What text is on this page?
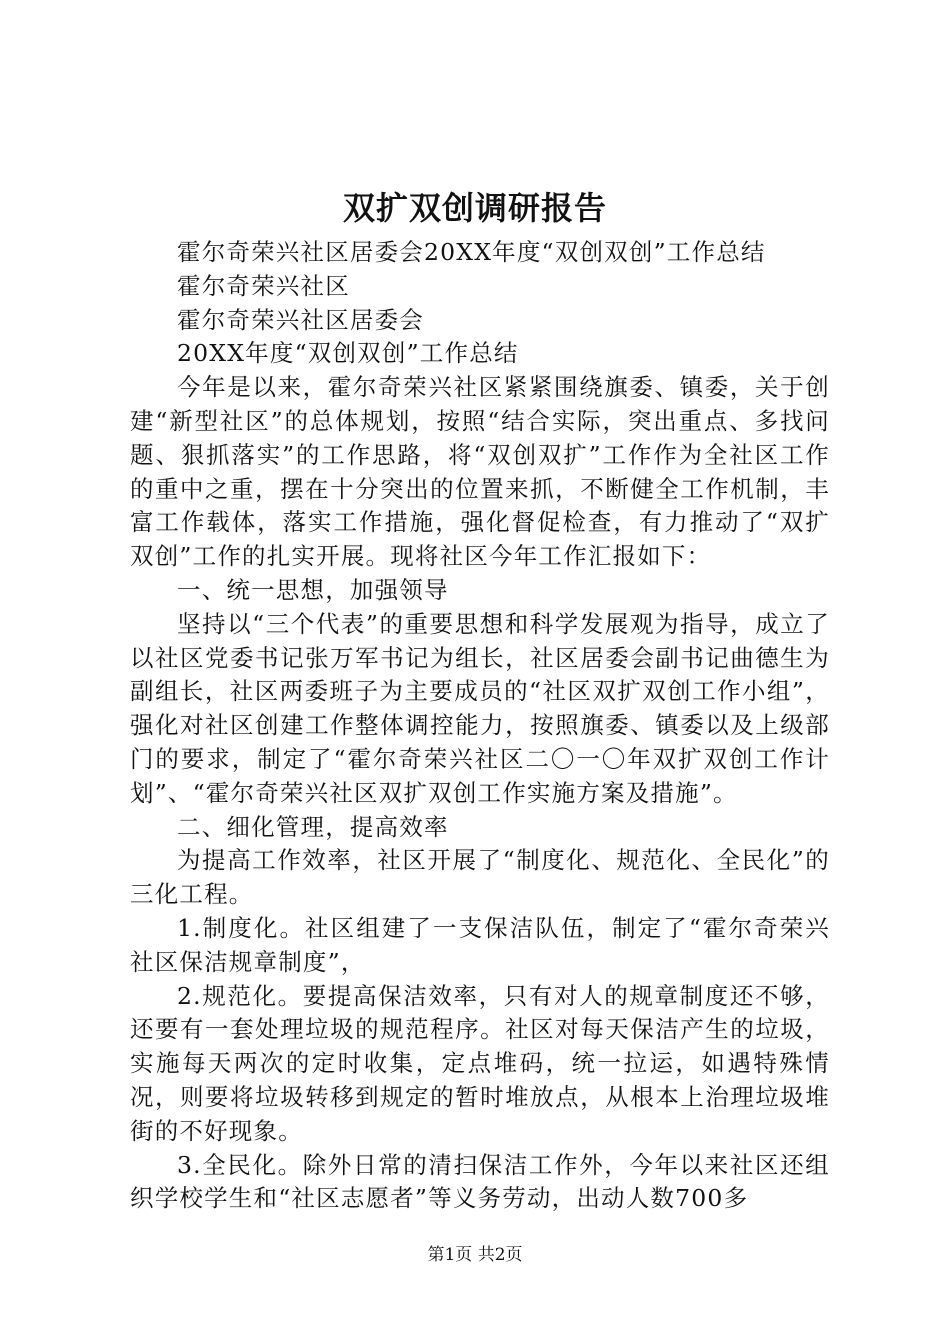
双扩双创调研报告

霍尔奇荣兴社区居委会20XX年度“双创双创”工作总结

霍尔奇荣兴社区

霍尔奇荣兴社区居委会

20XX年度“双创双创”工作总结

今年是以来，霍尔奇荣兴社区紧紧围绕旗委、镇委，关于创建“新型社区”的总体规划，按照“结合实际，突出重点、多找问题、狠抓落实”的工作思路，将“双创双扩”工作作为全社区工作的重中之重，摆在十分突出的位置来抓，不断健全工作机制，丰富工作载体，落实工作措施，强化督促检查，有力推动了“双扩双创”工作的扎实开展。现将社区今年工作汇报如下：

一、统一思想，加强领导

坚持以“三个代表”的重要思想和科学发展观为指导，成立了以社区党委书记张万军书记为组长，社区居委会副书记曲德生为副组长，社区两委班子为主要成员的“社区双扩双创工作小组”，强化对社区创建工作整体调控能力，按照旗委、镇委以及上级部门的要求，制定了“霍尔奇荣兴社区二〇一〇年双扩双创工作计划”、“霍尔奇荣兴社区双扩双创工作实施方案及措施”。

二、细化管理，提高效率

为提高工作效率，社区开展了“制度化、规范化、全民化”的三化工程。

1.制度化。社区组建了一支保洁队伍，制定了“霍尔奇荣兴社区保洁规章制度”，

2.规范化。要提高保洁效率，只有对人的规章制度还不够，还要有一套处理垃圾的规范程序。社区对每天保洁产生的垃圾，实施每天两次的定时收集，定点堆码，统一拉运，如遇特殊情况，则要将垃圾转移到规定的暂时堆放点，从根本上治理垃圾堆街的不好现象。

3.全民化。除外日常的清扫保洁工作外，今年以来社区还组织学校学生和“社区志愿者”等义务劳动，出动人数700多

第1页 共2页
